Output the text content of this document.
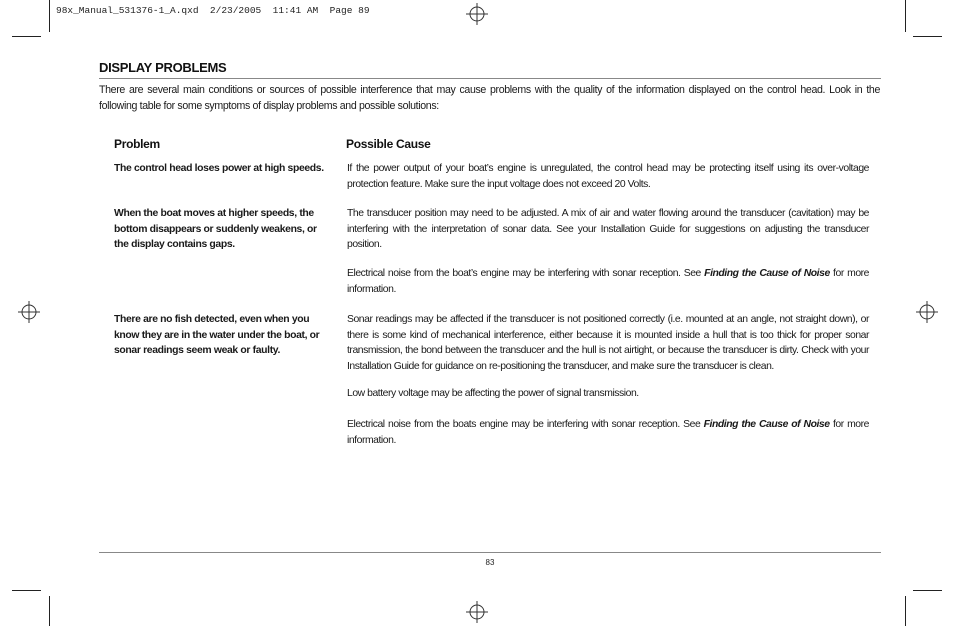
98x_Manual_531376-1_A.qxd  2/23/2005  11:41 AM  Page 89
DISPLAY PROBLEMS
There are several main conditions or sources of possible interference that may cause problems with the quality of the information displayed on the control head. Look in the following table for some symptoms of display problems and possible solutions:
Problem	Possible Cause
The control head loses power at high speeds.
When the boat moves at higher speeds, the bottom disappears or suddenly weakens, or the display contains gaps.
There are no fish detected, even when you know they are in the water under the boat, or sonar readings seem weak or faulty.
If the power output of your boat’s engine is unregulated, the control head may be protecting itself using its over-voltage protection feature. Make sure the input voltage does not exceed 20 Volts.
The transducer position may need to be adjusted. A mix of air and water flowing around the transducer (cavitation) may be interfering with the interpretation of sonar data. See your Installation Guide for suggestions on adjusting the transducer position.
Electrical noise from the boat’s engine may be interfering with sonar reception. See Finding the Cause of Noise for more information.
Sonar readings may be affected if the transducer is not positioned correctly (i.e. mounted at an angle, not straight down), or there is some kind of mechanical interference, either because it is mounted inside a hull that is too thick for proper sonar transmission, the bond between the transducer and the hull is not airtight, or because the transducer is dirty. Check with your Installation Guide for guidance on re-positioning the transducer, and make sure the transducer is clean.
Low battery voltage may be affecting the power of signal transmission.
Electrical noise from the boats engine may be interfering with sonar reception. See Finding the Cause of Noise for more information.
83
